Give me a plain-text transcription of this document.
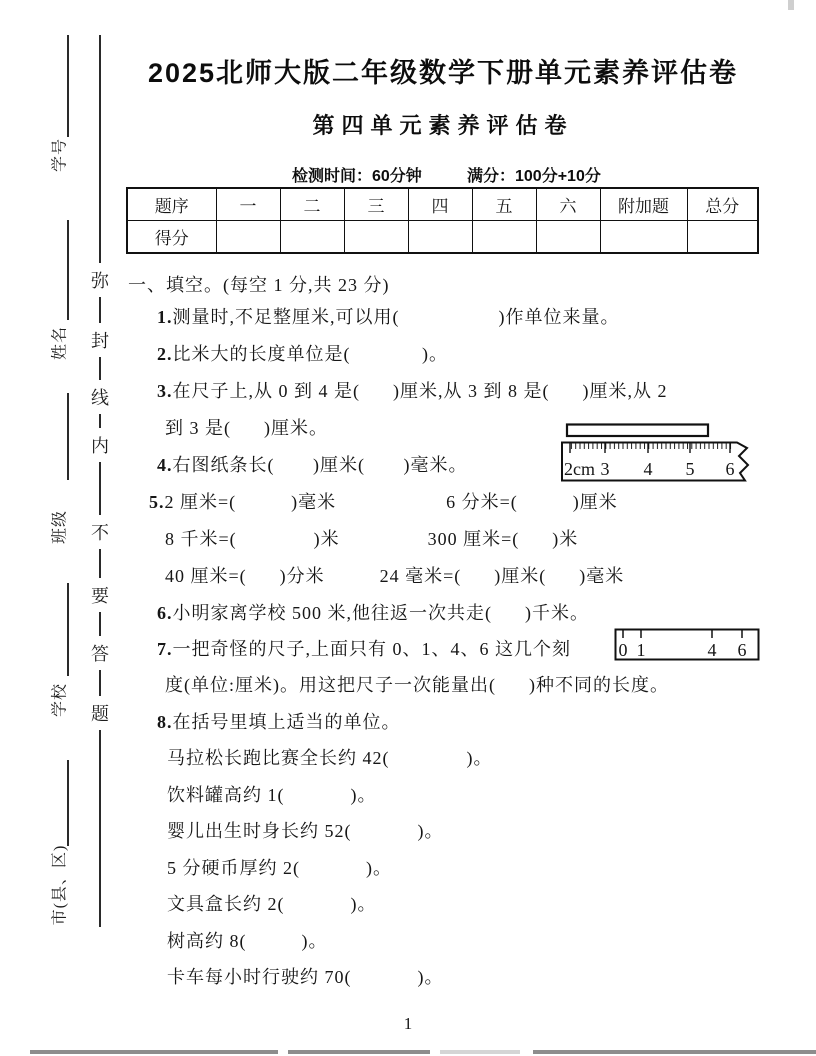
学号
姓名
班级
学校
市(县、区)
弥
封
线
内
不
要
答
题
2025北师大版二年级数学下册单元素养评估卷
第四单元素养评估卷
检测时间：60分钟	满分：100分+10分
题序	一	二	三	四	五	六	附加题	总分
得分								
一、填空。(每空 1 分,共 23 分)
1.测量时,不足整厘米,可以用(                  )作单位来量。
2.比米大的长度单位是(             )。
3.在尺子上,从 0 到 4 是(      )厘米,从 3 到 8 是(      )厘米,从 2
到 3 是(      )厘米。
4.右图纸条长(       )厘米(       )毫米。
5.2 厘米=(          )毫米                    6 分米=(          )厘米
8 千米=(              )米                300 厘米=(      )米
40 厘米=(      )分米          24 毫米=(      )厘米(      )毫米
6.小明家离学校 500 米,他往返一次共走(      )千米。
7.一把奇怪的尺子,上面只有 0、1、4、6 这几个刻
度(单位:厘米)。用这把尺子一次能量出(      )种不同的长度。
8.在括号里填上适当的单位。
马拉松长跑比赛全长约 42(              )。
饮料罐高约 1(            )。
婴儿出生时身长约 52(            )。
5 分硬币厚约 2(            )。
文具盒长约 2(            )。
树高约 8(          )。
卡车每小时行驶约 70(            )。
2cm 3 4 5 6
0 1	4 6
1
